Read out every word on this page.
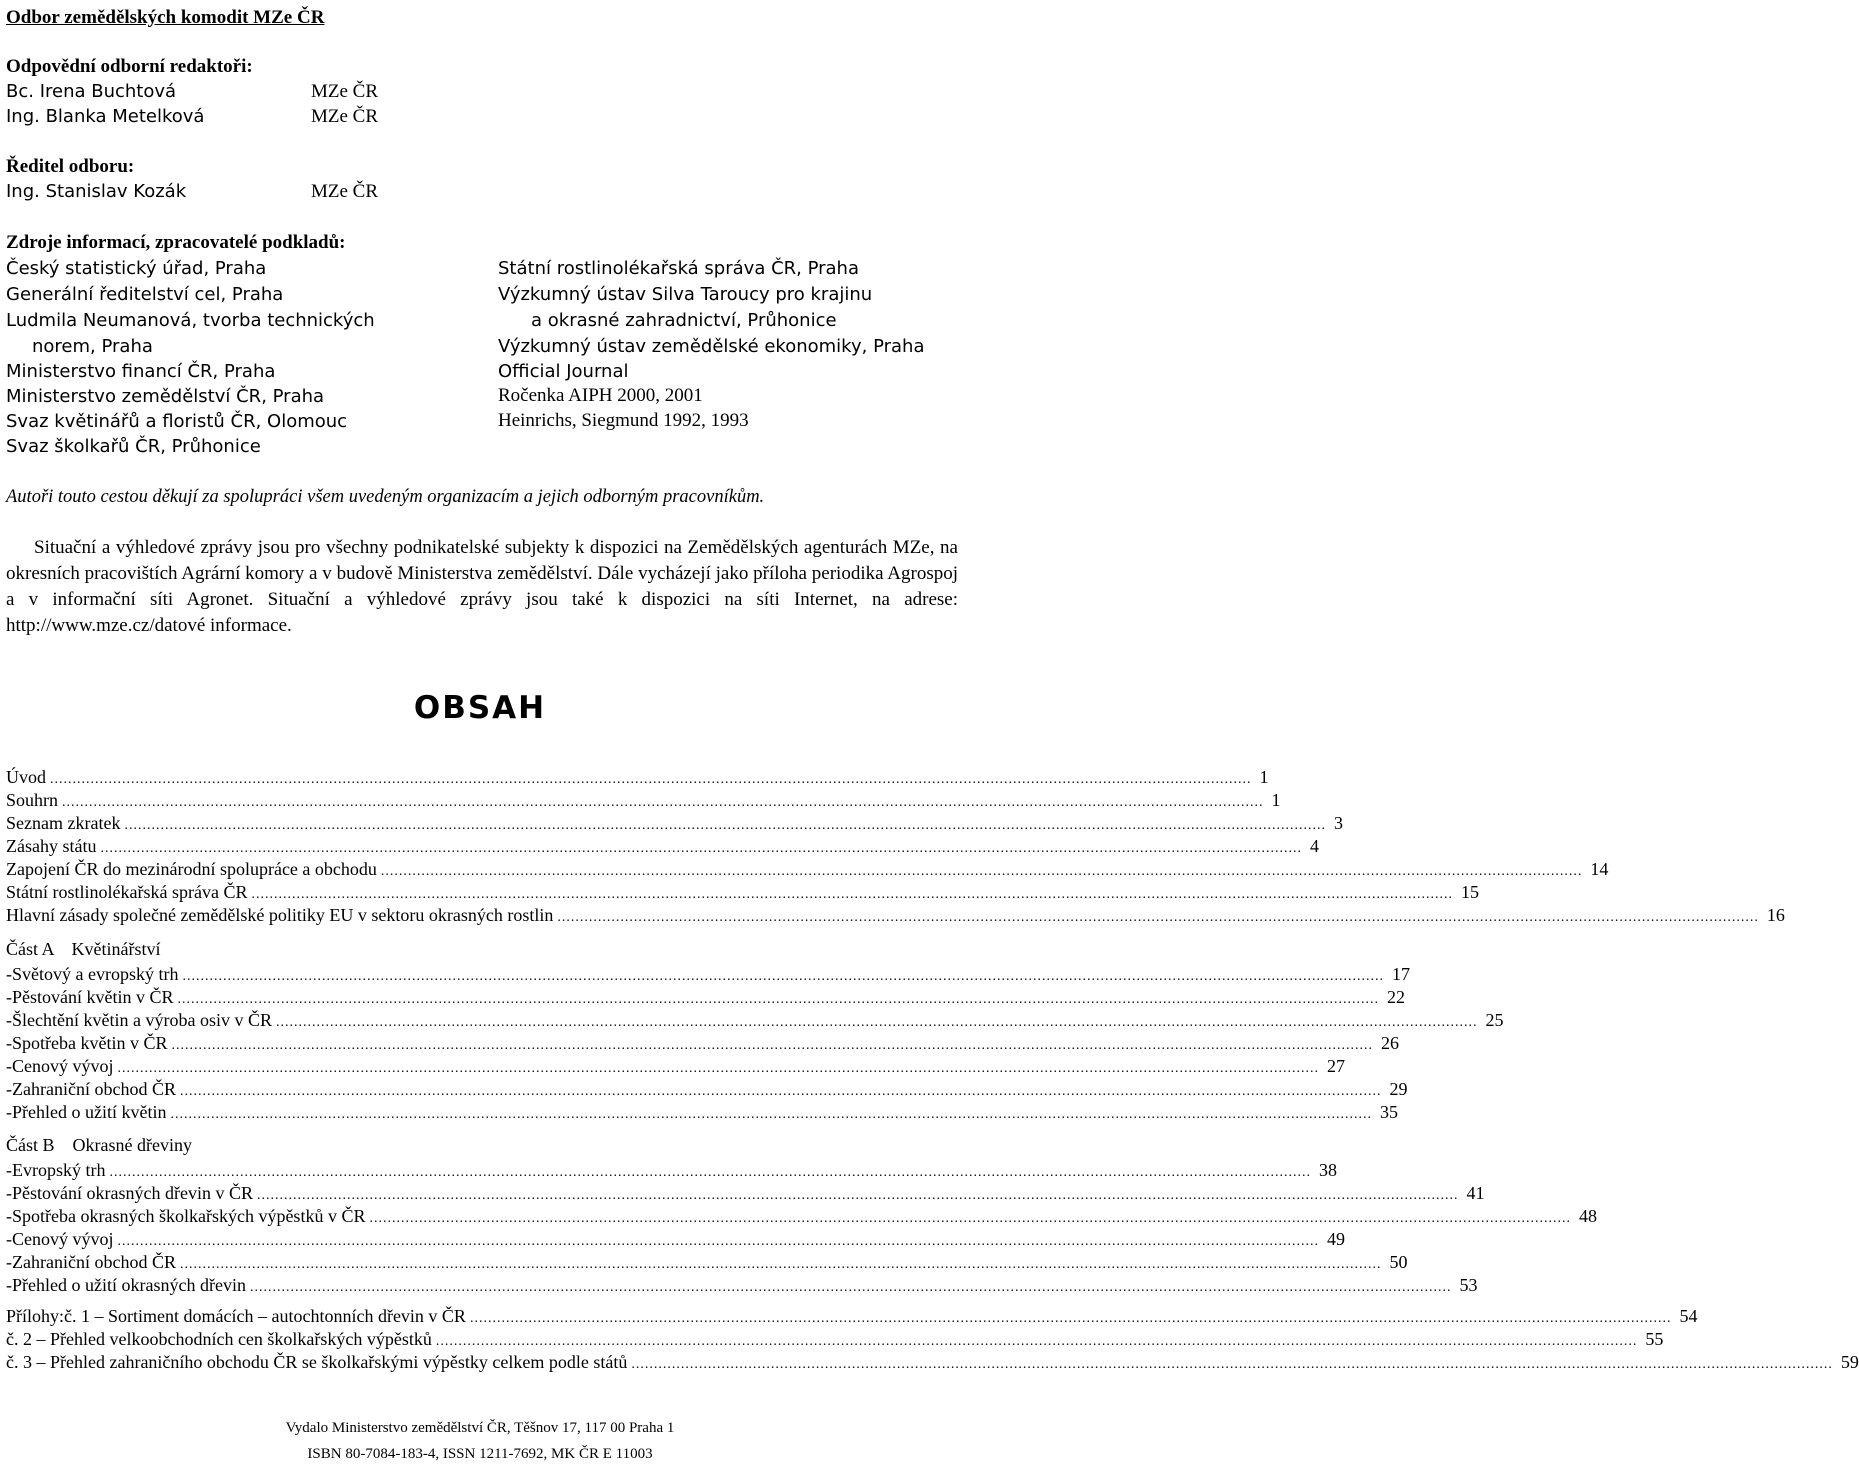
Odbor zemědělských komodit MZe ČR
Odpovědní odborní redaktoři:
Bc. Irena Buchtová	MZe ČR
Ing. Blanka Metelková	MZe ČR
Ředitel odboru:
Ing. Stanislav Kozák	MZe ČR
Zdroje informací, zpracovatelé podkladů:
Český statistický úřad, Praha
Generální ředitelství cel, Praha
Ludmila Neumanová, tvorba technických
norem, Praha
Ministerstvo financí ČR, Praha
Ministerstvo zemědělství ČR, Praha
Svaz květinářů a floristů ČR, Olomouc
Svaz školkařů ČR, Průhonice
Státní rostlinolékařská správa ČR, Praha
Výzkumný ústav Silva Taroucy pro krajinu
a okrasné zahradnictví, Průhonice
Výzkumný ústav zemědělské ekonomiky, Praha
Official Journal
Ročenka AIPH 2000, 2001
Heinrichs, Siegmund 1992, 1993
Autoři touto cestou děkují za spolupráci všem uvedeným organizacím a jejich odborným pracovníkům.
Situační a výhledové zprávy jsou pro všechny podnikatelské subjekty k dispozici na Zemědělských agenturách MZe, na okresních pracovištích Agrární komory a v budově Ministerstva zemědělství. Dále vycházejí jako příloha periodika Agrospoj a v informační síti Agronet. Situační a výhledové zprávy jsou také k dispozici na síti Internet, na adrese: http://www.mze.cz/datové informace.
OBSAH
Úvod ........................................................................................................................................................................................................................................................................... 1
Souhrn ........................................................................................................................................................................................................................................................................... 1
Seznam zkratek ........................................................................................................................................................................................................................................................................... 3
Zásahy státu ........................................................................................................................................................................................................................................................................... 4
Zapojení ČR do mezinárodní spolupráce a obchodu ........................................................................................................................................................................................................................................................................... 14
Státní rostlinolékařská správa ČR ........................................................................................................................................................................................................................................................................... 15
Hlavní zásady společné zemědělské politiky EU v sektoru okrasných rostlin ........................................................................................................................................................................................................................................................................... 16
Část A    Květinářství
- Světový a evropský trh ........................................................................................................................................................................................................................................................................... 17
- Pěstování květin v ČR ........................................................................................................................................................................................................................................................................... 22
- Šlechtění květin a výroba osiv v ČR ........................................................................................................................................................................................................................................................................... 25
- Spotřeba květin v ČR ........................................................................................................................................................................................................................................................................... 26
- Cenový vývoj ........................................................................................................................................................................................................................................................................... 27
- Zahraniční obchod ČR ........................................................................................................................................................................................................................................................................... 29
- Přehled o užití květin ........................................................................................................................................................................................................................................................................... 35
Část B    Okrasné dřeviny
- Evropský trh ........................................................................................................................................................................................................................................................................... 38
- Pěstování okrasných dřevin v ČR ........................................................................................................................................................................................................................................................................... 41
- Spotřeba okrasných školkařských výpěstků v ČR ........................................................................................................................................................................................................................................................................... 48
- Cenový vývoj ........................................................................................................................................................................................................................................................................... 49
- Zahraniční obchod ČR ........................................................................................................................................................................................................................................................................... 50
- Přehled o užití okrasných dřevin ........................................................................................................................................................................................................................................................................... 53
Přílohy: č. 1 – Sortiment domácích – autochtonních dřevin v ČR ........................................................................................................................................................................................................................................................................... 54
č. 2 – Přehled velkoobchodních cen školkařských výpěstků ........................................................................................................................................................................................................................................................................... 55
č. 3 – Přehled zahraničního obchodu ČR se školkařskými výpěstky celkem podle států ........................................................................................................................................................................................................................................................................... 59
Vydalo Ministerstvo zemědělství ČR, Těšnov 17, 117 00 Praha 1
ISBN 80-7084-183-4, ISSN 1211-7692, MK ČR E 11003
